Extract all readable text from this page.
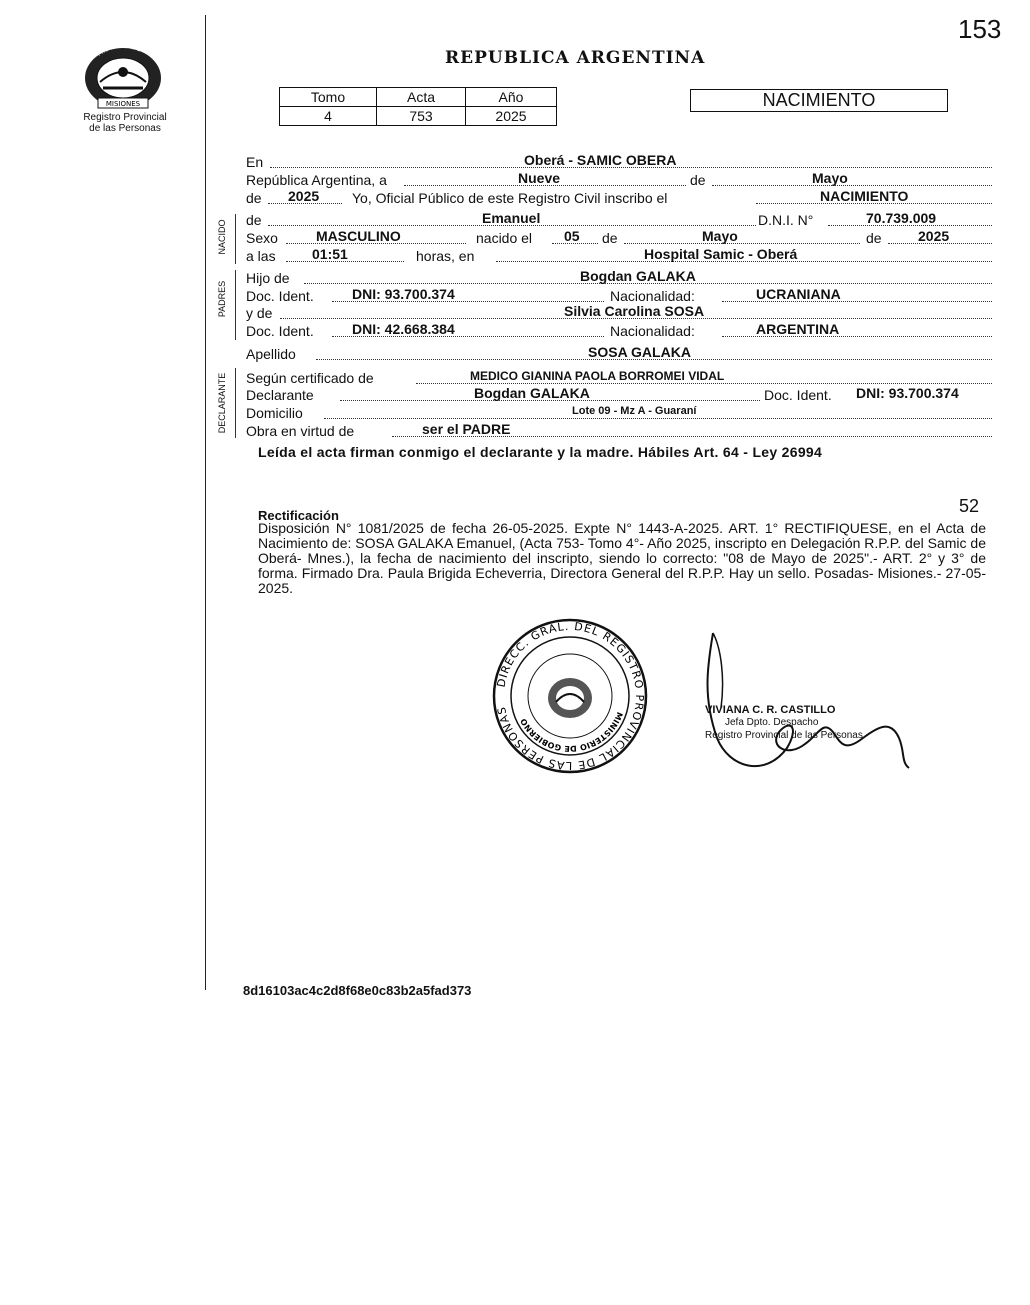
153
PROVINCIA DE
MISIONES
Registro Provincial
de las Personas
REPUBLICA ARGENTINA
Tomo	Acta	Año
4	753	2025
NACIMIENTO
NACIDO
PADRES
DECLARANTE
En	Oberá - SAMIC OBERA
República Argentina, a	Nueve	de	Mayo
de 2025 Yo, Oficial Público de este Registro Civil inscribo el	NACIMIENTO
de	Emanuel	D.N.I. N°	70.739.009
Sexo	MASCULINO	nacido el 05 de	Mayo	de	2025
a las	01:51	horas, en	Hospital Samic - Oberá
Hijo de	Bogdan GALAKA
Doc. Ident.	DNI: 93.700.374	Nacionalidad:	UCRANIANA
y de	Silvia Carolina SOSA
Doc. Ident.	DNI: 42.668.384	Nacionalidad:	ARGENTINA
Apellido	SOSA GALAKA
Según certificado de	MEDICO GIANINA PAOLA BORROMEI VIDAL
Declarante	Bogdan GALAKA	Doc. Ident. DNI: 93.700.374
Domicilio	Lote 09 - Mz A - Guaraní
Obra en virtud de	ser el PADRE
Leída el acta firman conmigo el declarante y la madre. Hábiles Art. 64 - Ley 26994
52
Rectificación
Disposición N° 1081/2025 de fecha 26-05-2025. Expte N° 1443-A-2025. ART. 1° RECTIFIQUESE, en el Acta de Nacimiento de: SOSA GALAKA Emanuel, (Acta 753- Tomo 4°- Año 2025, inscripto en Delegación R.P.P. del Samic de Oberá- Mnes.), la fecha de nacimiento del inscripto, siendo lo correcto: "08 de Mayo de 2025".- ART. 2° y 3° de forma. Firmado Dra. Paula Brigida Echeverria, Directora General del R.P.P. Hay un sello. Posadas- Misiones.- 27-05-2025.
DIRECC. GRAL. DEL REGISTRO PROVINCIAL DE LAS PERSONAS
MINISTERIO DE GOBIERNO
VIVIANA C. R. CASTILLO
Jefa Dpto. Despacho
Registro Provincial de las Personas
8d16103ac4c2d8f68e0c83b2a5fad373
